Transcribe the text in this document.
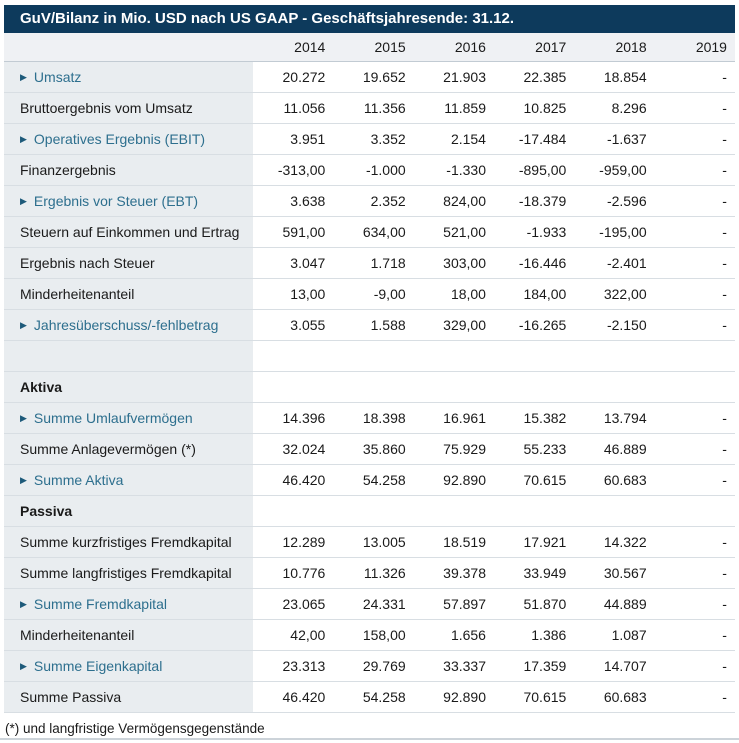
GuV/Bilanz in Mio. USD nach US GAAP - Geschäftsjahresende: 31.12.
2014	2015	2016	2017	2018	2019
▶ Umsatz	20.272	19.652	21.903	22.385	18.854	-
Bruttoergebnis vom Umsatz	11.056	11.356	11.859	10.825	8.296	-
▶ Operatives Ergebnis (EBIT)	3.951	3.352	2.154	-17.484	-1.637	-
Finanzergebnis	-313,00	-1.000	-1.330	-895,00	-959,00	-
▶ Ergebnis vor Steuer (EBT)	3.638	2.352	824,00	-18.379	-2.596	-
Steuern auf Einkommen und Ertrag	591,00	634,00	521,00	-1.933	-195,00	-
Ergebnis nach Steuer	3.047	1.718	303,00	-16.446	-2.401	-
Minderheitenanteil	13,00	-9,00	18,00	184,00	322,00	-
▶ Jahresüberschuss/-fehlbetrag	3.055	1.588	329,00	-16.265	-2.150	-
Aktiva
▶ Summe Umlaufvermögen	14.396	18.398	16.961	15.382	13.794	-
Summe Anlagevermögen (*)	32.024	35.860	75.929	55.233	46.889	-
▶ Summe Aktiva	46.420	54.258	92.890	70.615	60.683	-
Passiva
Summe kurzfristiges Fremdkapital	12.289	13.005	18.519	17.921	14.322	-
Summe langfristiges Fremdkapital	10.776	11.326	39.378	33.949	30.567	-
▶ Summe Fremdkapital	23.065	24.331	57.897	51.870	44.889	-
Minderheitenanteil	42,00	158,00	1.656	1.386	1.087	-
▶ Summe Eigenkapital	23.313	29.769	33.337	17.359	14.707	-
Summe Passiva	46.420	54.258	92.890	70.615	60.683	-
(*) und langfristige Vermögensgegenstände
